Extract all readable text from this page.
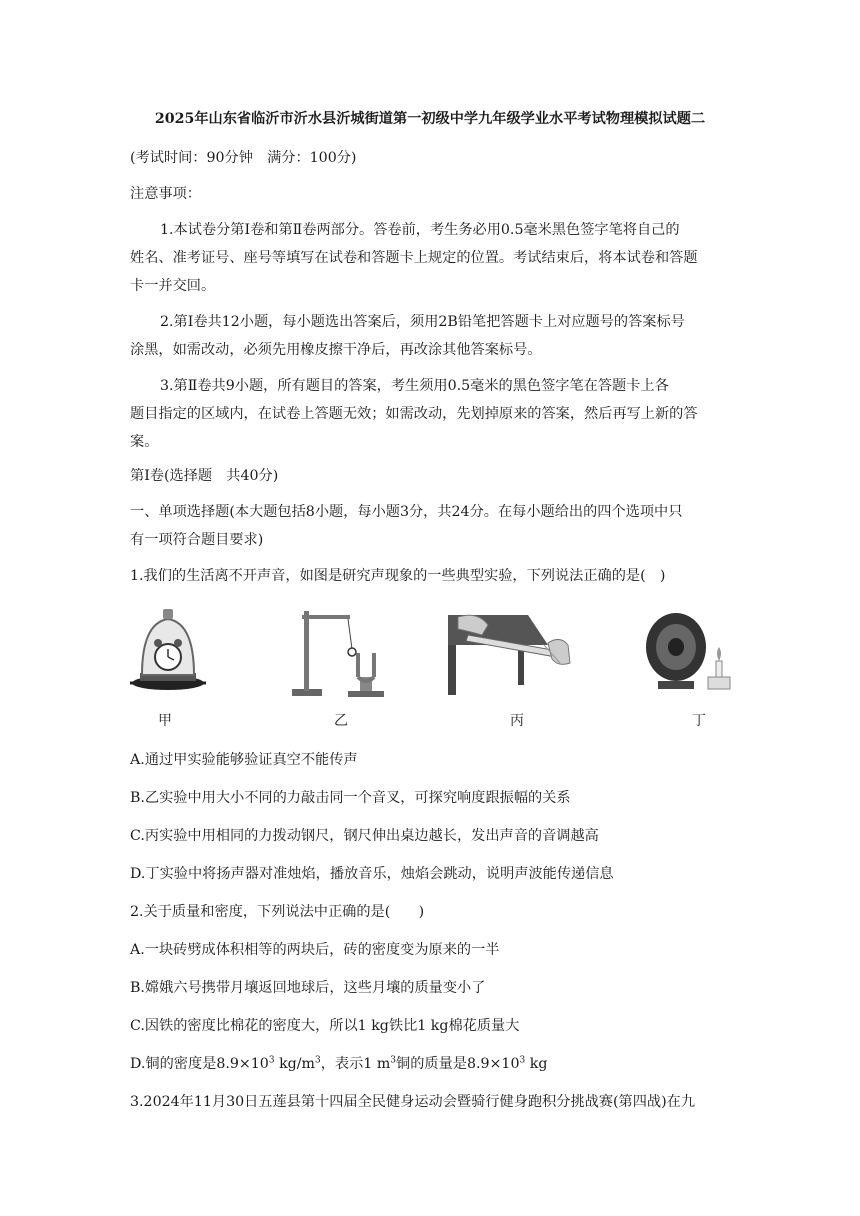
2025年山东省临沂市沂水县沂城街道第一初级中学九年级学业水平考试物理模拟试题二
(考试时间：90分钟　满分：100分)
注意事项：
1.本试卷分第Ⅰ卷和第Ⅱ卷两部分。答卷前，考生务必用0.5毫米黑色签字笔将自己的
姓名、准考证号、座号等填写在试卷和答题卡上规定的位置。考试结束后，将本试卷和答题
卡一并交回。
2.第Ⅰ卷共12小题，每小题选出答案后，须用2B铅笔把答题卡上对应题号的答案标号
涂黑，如需改动，必须先用橡皮擦干净后，再改涂其他答案标号。
3.第Ⅱ卷共9小题，所有题目的答案，考生须用0.5毫米的黑色签字笔在答题卡上各
题目指定的区域内，在试卷上答题无效；如需改动，先划掉原来的答案，然后再写上新的答
案。
第Ⅰ卷(选择题　共40分)
一、单项选择题(本大题包括8小题，每小题3分，共24分。在每小题给出的四个选项中只
有一项符合题目要求)
1.我们的生活离不开声音，如图是研究声现象的一些典型实验，下列说法正确的是(　)
甲	乙	丙	丁
A.通过甲实验能够验证真空不能传声
B.乙实验中用大小不同的力敲击同一个音叉，可探究响度跟振幅的关系
C.丙实验中用相同的力拨动钢尺，钢尺伸出桌边越长，发出声音的音调越高
D.丁实验中将扬声器对准烛焰，播放音乐，烛焰会跳动，说明声波能传递信息
2.关于质量和密度，下列说法中正确的是(　　)
A.一块砖劈成体积相等的两块后，砖的密度变为原来的一半
B.嫦娥六号携带月壤返回地球后，这些月壤的质量变小了
C.因铁的密度比棉花的密度大，所以1 kg铁比1 kg棉花质量大
D.铜的密度是$8.9\times 10^3$ $kg/m^3$，表示1 $m^3$铜的质量是$8.9\times 10^3$ kg
3.2024年11月30日五莲县第十四届全民健身运动会暨骑行健身跑积分挑战赛(第四战)在九
